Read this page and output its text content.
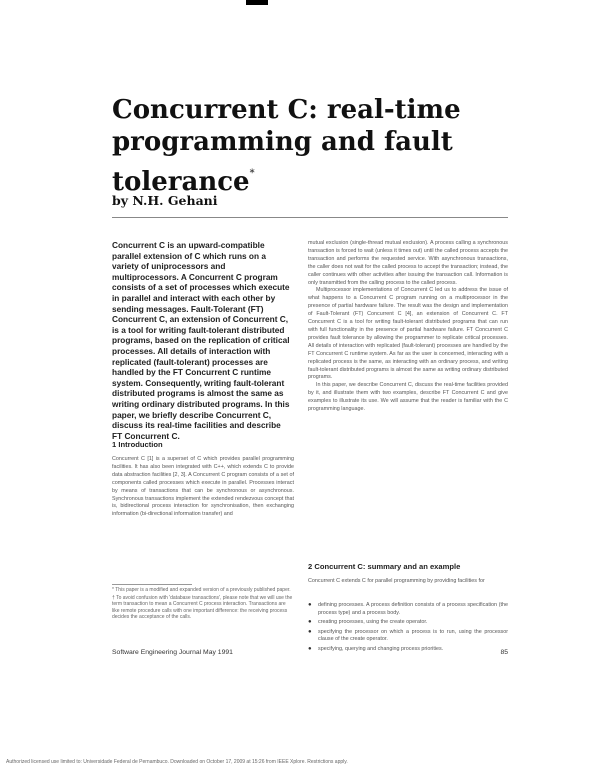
Concurrent C: real-time programming and fault tolerance*
by N.H. Gehani

Concurrent C is an upward-compatible parallel extension of C which runs on a variety of uniprocessors and multiprocessors. A Concurrent C program consists of a set of processes which execute in parallel and interact with each other by sending messages. Fault-Tolerant (FT) Concurrent C, an extension of Concurrent C, is a tool for writing fault-tolerant distributed programs, based on the replication of critical processes. All details of interaction with replicated (fault-tolerant) processes are handled by the FT Concurrent C runtime system. Consequently, writing fault-tolerant distributed programs is almost the same as writing ordinary distributed programs. In this paper, we briefly describe Concurrent C, discuss its real-time facilities and describe FT Concurrent C.

1 Introduction

Concurrent C [1] is a superset of C which provides parallel programming facilities. It has also been integrated with C++, which extends C to provide data abstraction facilities [2, 3]. A Concurrent C program consists of a set of components called processes which execute in parallel. Processes interact by means of transactions that can be synchronous or asynchronous. Synchronous transactions implement the extended rendezvous concept that is, bidirectional process interaction for synchronisation, then exchanging information (bi-directional information transfer) and

* This paper is a modified and expanded version of a previously published paper.

† To avoid confusion with 'database transactions', please note that we will use the term transaction to mean a Concurrent C process interaction. Transactions are like remote procedure calls with one important difference: the receiving process decides the acceptance of the calls.

mutual exclusion (single-thread mutual exclusion). A process calling a synchronous transaction is forced to wait (unless it times out) until the called process accepts the transaction and performs the requested service. With asynchronous transactions, the caller does not wait for the called process to accept the transaction; instead, the caller continues with other activities after issuing the transaction call. Information is only transmitted from the calling process to the called process.

Multiprocessor implementations of Concurrent C led us to address the issue of what happens to a Concurrent C program running on a multiprocessor in the presence of partial hardware failure. The result was the design and implementation of Fault-Tolerant (FT) Concurrent C [4], an extension of Concurrent C. FT Concurrent C is a tool for writing fault-tolerant distributed programs that can run with full functionality in the presence of partial hardware failure. FT Concurrent C provides fault tolerance by allowing the programmer to replicate critical processes. All details of interaction with replicated (fault-tolerant) processes are handled by the FT Concurrent C runtime system. As far as the user is concerned, interacting with a replicated process is the same, as interacting with an ordinary process, and writing fault-tolerant distributed programs is almost the same as writing ordinary distributed programs.

In this paper, we describe Concurrent C, discuss the real-time facilities provided by it, and illustrate them with two examples, describe FT Concurrent C and give examples to illustrate its use. We will assume that the reader is familiar with the C programming language.

2 Concurrent C: summary and an example

Concurrent C extends C for parallel programming by providing facilities for

● defining processes. A process definition consists of a process specification (the process type) and a process body.
● creating processes, using the create operator.
● specifying the processor on which a process is to run, using the processor clause of the create operator.
● specifying, querying and changing process priorities.
Software Engineering Journal May 1991	85
Authorized licensed use limited to: Universidade Federal de Pernambuco. Downloaded on October 17, 2009 at 15:26 from IEEE Xplore. Restrictions apply.
